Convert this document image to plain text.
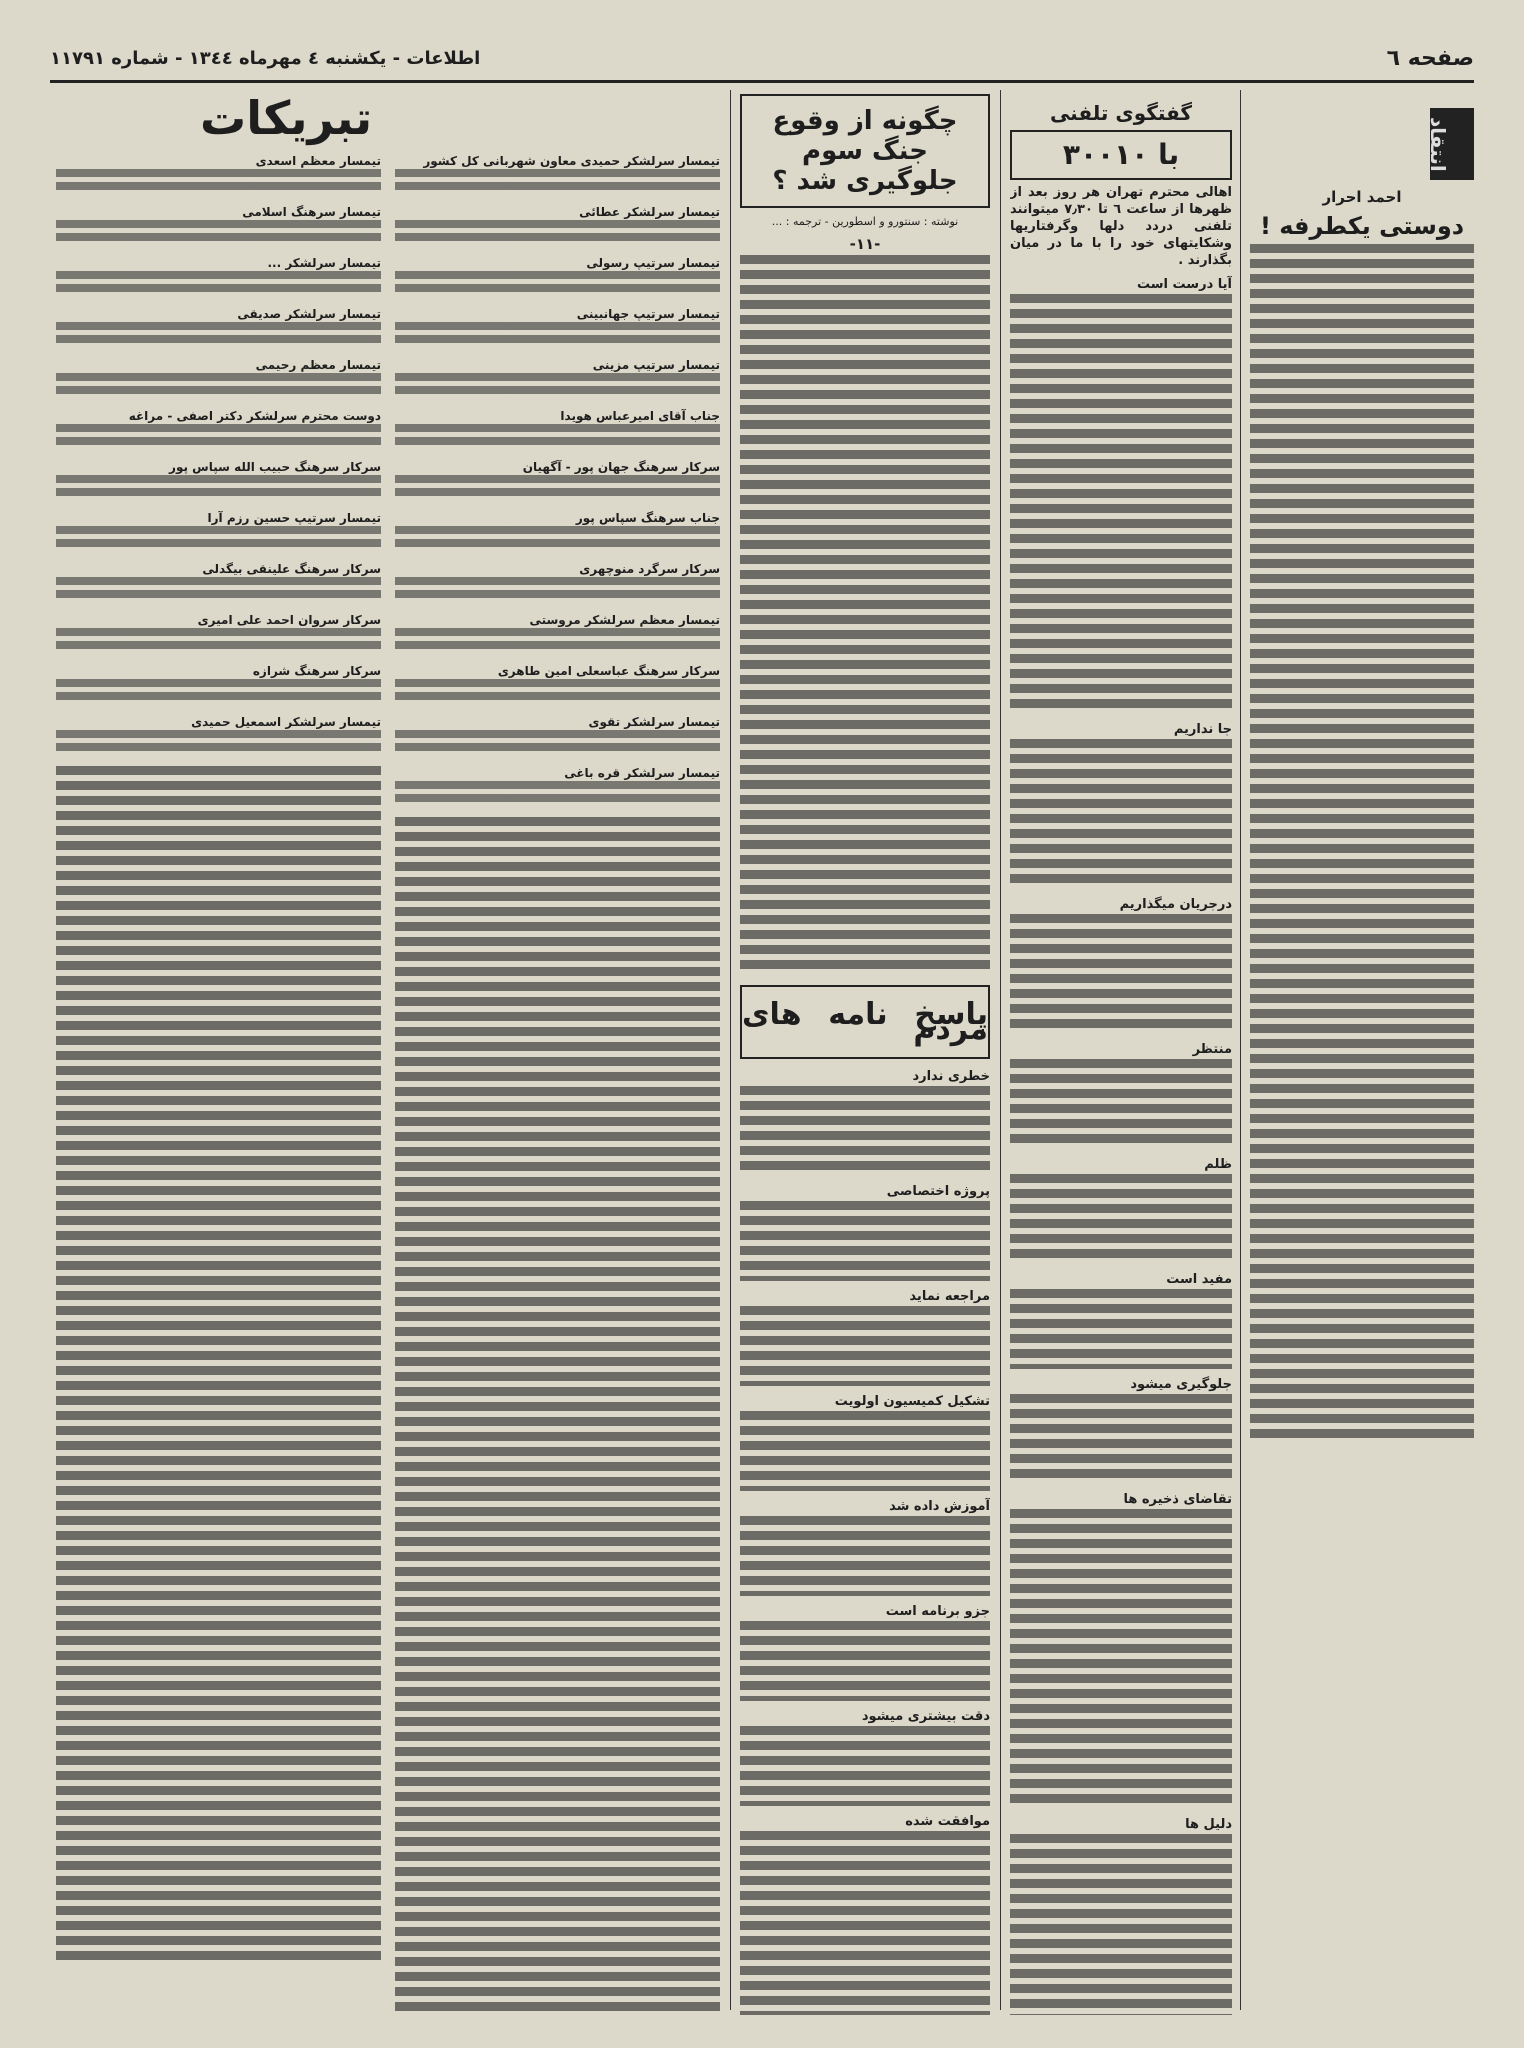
صفحه ٦
اطلاعات - یکشنبه ٤ مهرماه ١٣٤٤ - شماره ١١٧٩١
انتقاد
احمد احرار
دوستی یکطرفه !
گفتگوی تلفنی
با ۳۰۰۱۰
اهالی محترم تهران هر روز بعد از ظهرها از ساعت ٦ تا ٧٫٣٠ میتوانند تلفنی دردد دلها وگرفتاریها وشکایتهای خود را با ما در میان بگذارند .
آیا درست است
جا نداریم
درجریان میگذاریم
منتظر
ظلم
مفید است
جلوگیری میشود
تقاضای ذخیره ها
دلیل ها
چگونه از وقوع جنگ سوم جلوگیری شد ؟
نوشته : سنتورو و اسطورین - ترجمه : ...
-١١-
پاسخ نامه های مردم
خطری ندارد
پروژه اختصاصی
مراجعه نماید
تشکیل کمیسیون اولویت
آموزش داده شد
جزو برنامه است
دقت بیشتری میشود
موافقت شده
تبریکات
تیمسار سرلشکر حمیدی معاون شهربانی کل کشور
تیمسار سرلشکر عطائی
تیمسار سرتیپ رسولی
تیمسار سرتیپ جهانبینی
تیمسار سرتیپ مزینی
جناب آقای امیرعباس هویدا
سرکار سرهنگ جهان پور - آگهیان
جناب سرهنگ سپاس پور
سرکار سرگرد منوچهری
تیمسار معظم سرلشکر مروستی
سرکار سرهنگ عباسعلی امین طاهری
تیمسار سرلشکر تقوی
تیمسار سرلشکر قره باغی
تیمسار معظم اسعدی
تیمسار سرهنگ اسلامی
تیمسار سرلشکر ...
تیمسار سرلشکر صدیقی
تیمسار معظم رحیمی
دوست محترم سرلشکر دکتر اصفی - مراغه
سرکار سرهنگ حبیب الله سپاس پور
تیمسار سرتیپ حسین رزم آرا
سرکار سرهنگ علینقی بیگدلی
سرکار سروان احمد علی امیری
سرکار سرهنگ شرازه
تیمسار سرلشکر اسمعیل حمیدی
